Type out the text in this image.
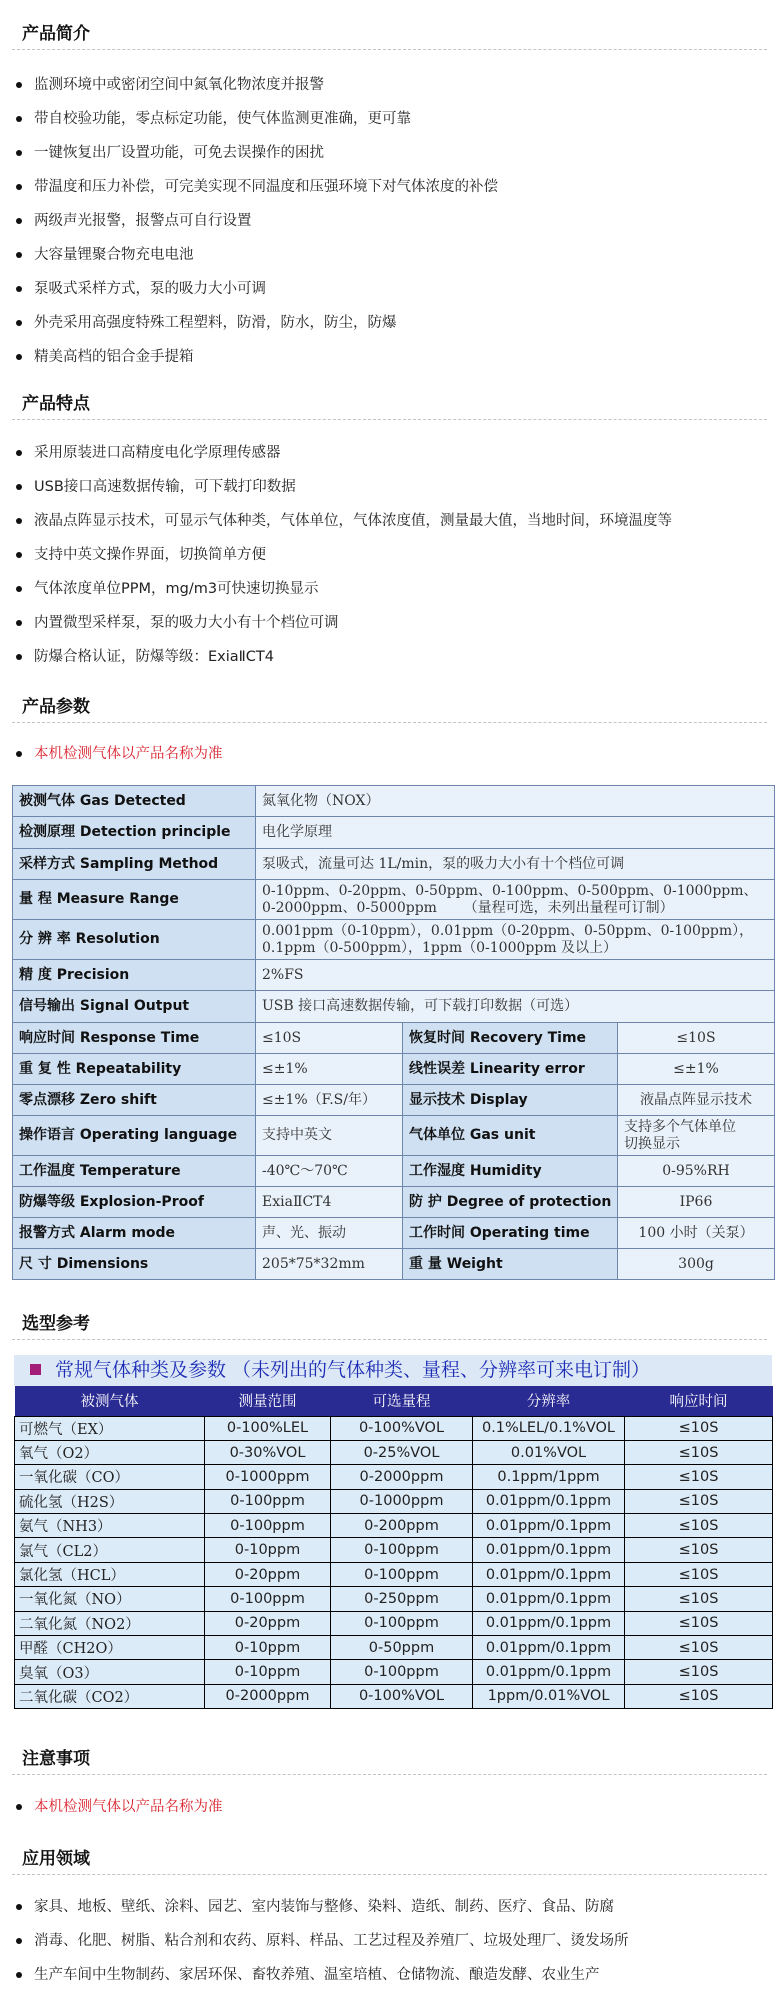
产品简介
监测环境中或密闭空间中氮氧化物浓度并报警
带自校验功能，零点标定功能，使气体监测更准确，更可靠
一键恢复出厂设置功能，可免去误操作的困扰
带温度和压力补偿，可完美实现不同温度和压强环境下对气体浓度的补偿
两级声光报警，报警点可自行设置
大容量锂聚合物充电电池
泵吸式采样方式，泵的吸力大小可调
外壳采用高强度特殊工程塑料，防滑，防水，防尘，防爆
精美高档的铝合金手提箱
产品特点
采用原装进口高精度电化学原理传感器
USB接口高速数据传输，可下载打印数据
液晶点阵显示技术，可显示气体种类，气体单位，气体浓度值，测量最大值，当地时间，环境温度等
支持中英文操作界面，切换简单方便
气体浓度单位PPM，mg/m3可快速切换显示
内置微型采样泵，泵的吸力大小有十个档位可调
防爆合格认证，防爆等级：ExiaⅡCT4
产品参数
本机检测气体以产品名称为准
被测气体 Gas Detected	氮氧化物（NOX）		
检测原理 Detection principle	电化学原理		
采样方式 Sampling Method	泵吸式，流量可达 1L/min，泵的吸力大小有十个档位可调		
量 程 Measure Range	0-10ppm、0-20ppm、0-50ppm、0-100ppm、0-500ppm、0-1000ppm、
0-2000ppm、0-5000ppm      （量程可选，未列出量程可订制）		

分 辨 率 Resolution	0.001ppm（0-10ppm），0.01ppm（0-20ppm、0-50ppm、0-100ppm），
0.1ppm（0-500ppm），1ppm（0-1000ppm 及以上）		

精 度 Precision	2%FS		
信号输出 Signal Output	USB 接口高速数据传输，可下载打印数据（可选）		
响应时间 Response Time	≤10S	恢复时间 Recovery Time	≤10S
重 复 性 Repeatability	≤±1%	线性误差 Linearity error	≤±1%
零点漂移 Zero shift	≤±1%（F.S/年）	显示技术 Display	液晶点阵显示技术
操作语言 Operating language	支持中英文	气体单位 Gas unit	支持多个气体单位
切换显示

工作温度 Temperature	-40℃～70℃	工作湿度 Humidity	0-95%RH
防爆等级 Explosion-Proof	ExiaⅡCT4	防 护 Degree of protection	IP66
报警方式 Alarm mode	声、光、振动	工作时间 Operating time	100 小时（关泵）
尺 寸 Dimensions	205*75*32mm	重 量 Weight	300g
选型参考
常规气体种类及参数 （未列出的气体种类、量程、分辨率可来电订制）
被测气体	测量范围	可选量程	分辨率	响应时间
可燃气（EX）	0-100%LEL	0-100%VOL	0.1%LEL/0.1%VOL	≤10S
氧气（O2）	0-30%VOL	0-25%VOL	0.01%VOL	≤10S
一氧化碳（CO）	0-1000ppm	0-2000ppm	0.1ppm/1ppm	≤10S
硫化氢（H2S）	0-100ppm	0-1000ppm	0.01ppm/0.1ppm	≤10S
氨气（NH3）	0-100ppm	0-200ppm	0.01ppm/0.1ppm	≤10S
氯气（CL2）	0-10ppm	0-100ppm	0.01ppm/0.1ppm	≤10S
氯化氢（HCL）	0-20ppm	0-100ppm	0.01ppm/0.1ppm	≤10S
一氧化氮（NO）	0-100ppm	0-250ppm	0.01ppm/0.1ppm	≤10S
二氧化氮（NO2）	0-20ppm	0-100ppm	0.01ppm/0.1ppm	≤10S
甲醛（CH2O）	0-10ppm	0-50ppm	0.01ppm/0.1ppm	≤10S
臭氧（O3）	0-10ppm	0-100ppm	0.01ppm/0.1ppm	≤10S
二氧化碳（CO2）	0-2000ppm	0-100%VOL	1ppm/0.01%VOL	≤10S
注意事项
本机检测气体以产品名称为准
应用领域
家具、地板、壁纸、涂料、园艺、室内装饰与整修、染料、造纸、制药、医疗、食品、防腐
消毒、化肥、树脂、粘合剂和农药、原料、样品、工艺过程及养殖厂、垃圾处理厂、烫发场所
生产车间中生物制药、家居环保、畜牧养殖、温室培植、仓储物流、酿造发酵、农业生产
